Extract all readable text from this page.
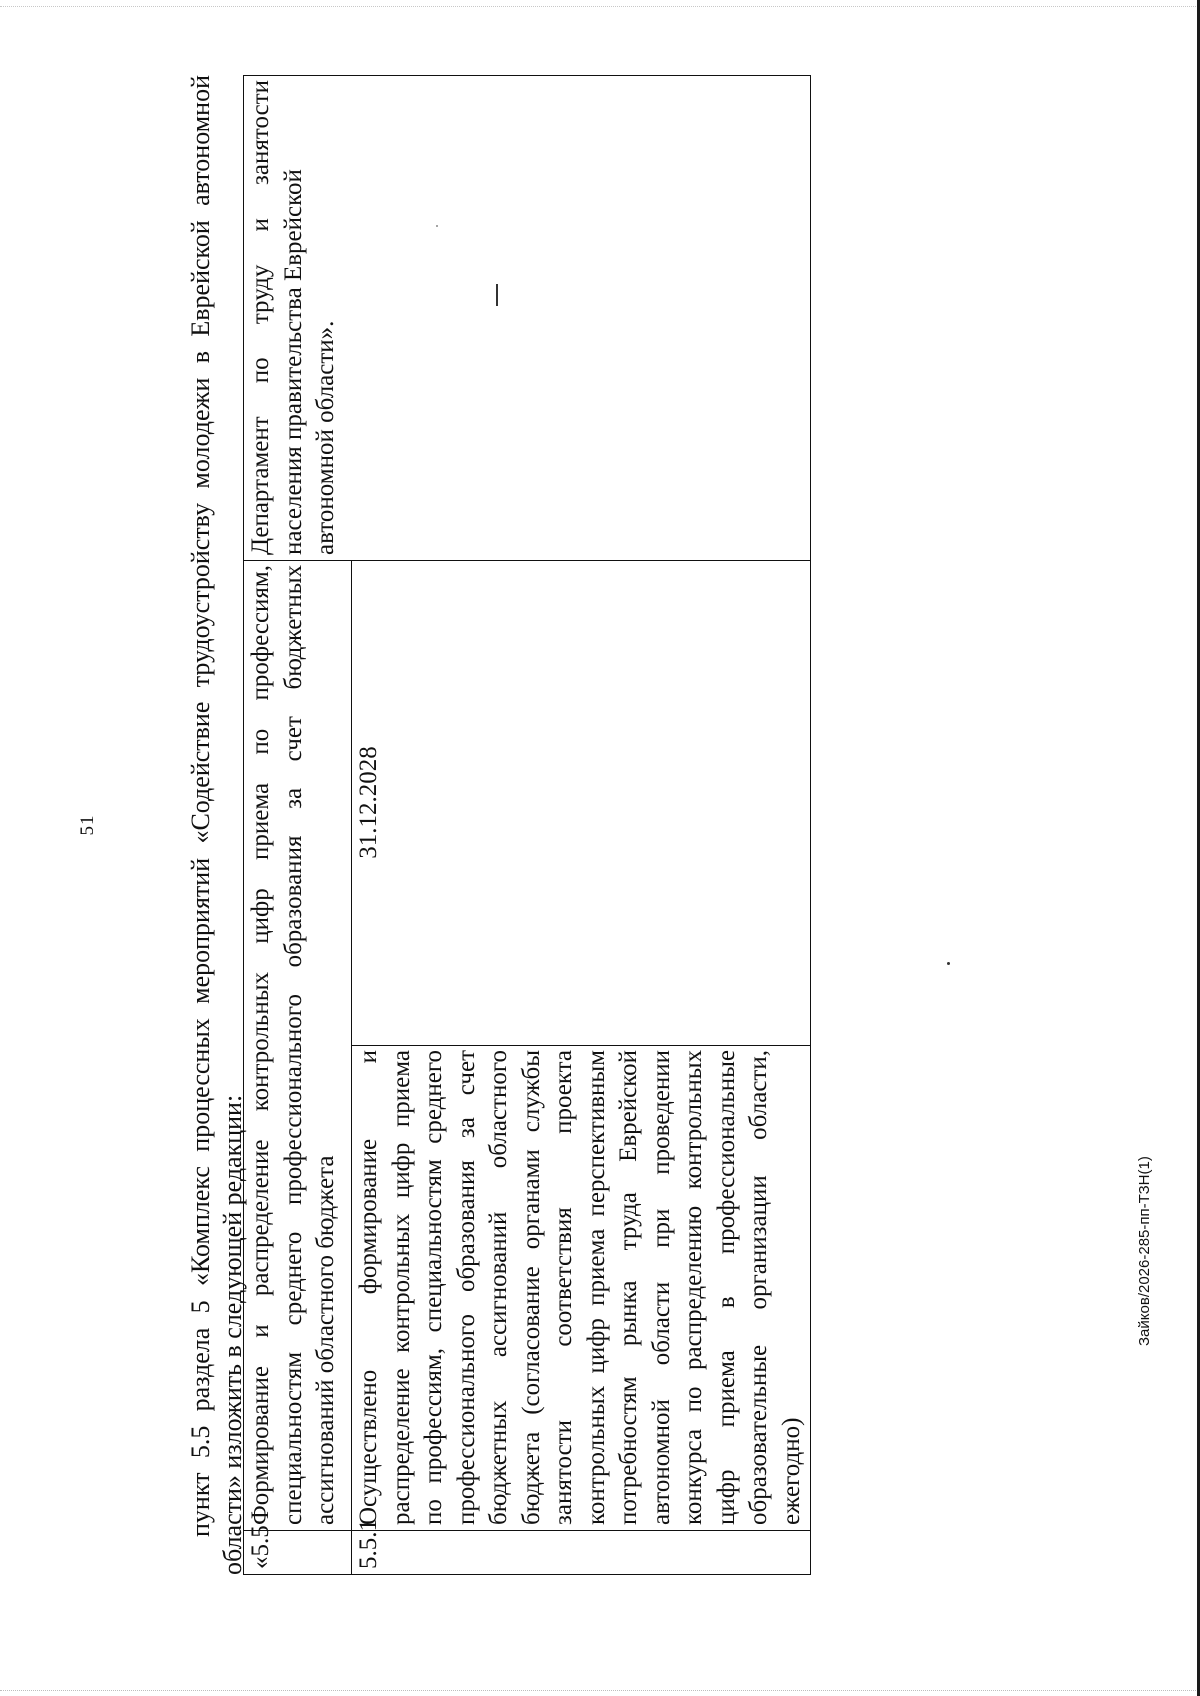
51	пункт 5.5 раздела 5 «Комплекс процессных мероприятий «Содействие трудоустройству молодежи в Еврейской автономной области» изложить в следующей редакции: «5.5	Формирование и распределение контрольных цифр приема по профессиям, специальностям среднего профессионального образования за счет бюджетных ассигнований областного бюджета		Департамент по труду и занятости населения правительства Еврейской автономной области».

5.5.1	Осуществлено формирование и распределение контрольных цифр приема по профессиям, специальностям среднего профессионального образования за счет бюджетных ассигнований областного бюджета (согласование органами службы занятости соответствия проекта контрольных цифр приема перспективным потребностям рынка труда Еврейской автономной области при проведении конкурса по распределению контрольных цифр приема в профессиональные образовательные организации области, ежегодно)	31.12.2028	
Зайков/2026-285-пп-ТЗН(1)
